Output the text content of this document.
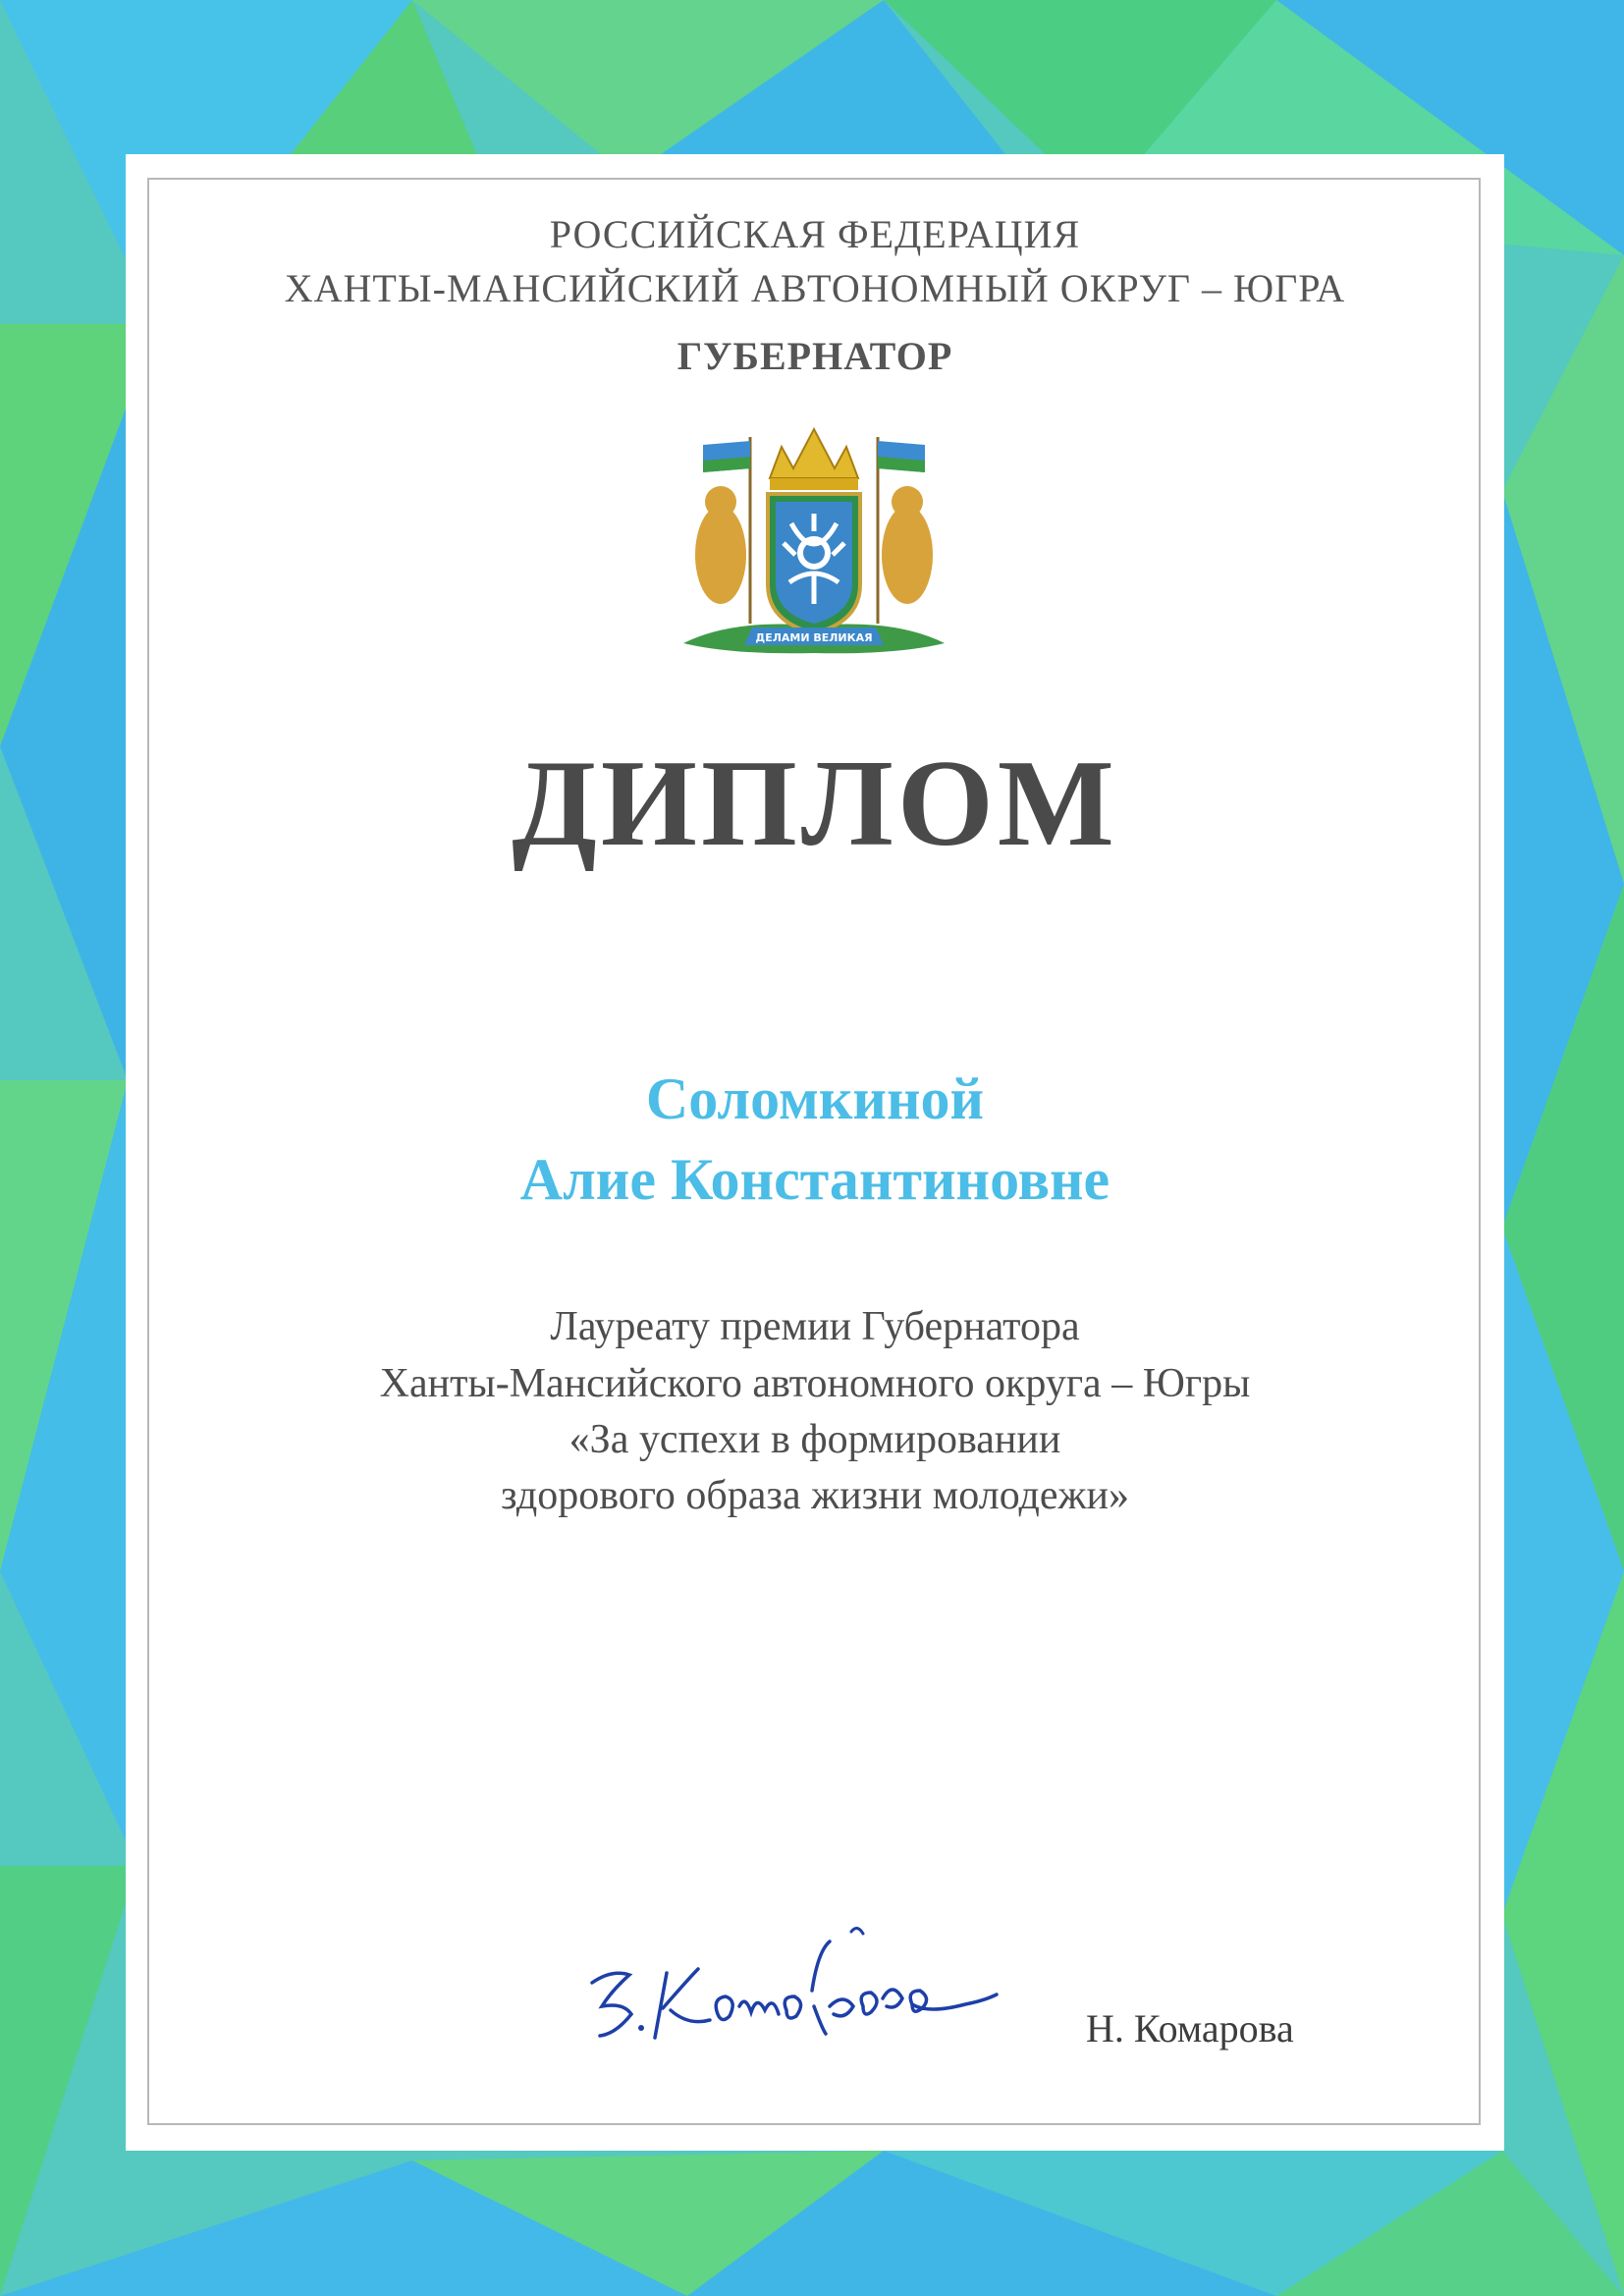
РОССИЙСКАЯ ФЕДЕРАЦИЯ
ХАНТЫ-МАНСИЙСКИЙ АВТОНОМНЫЙ ОКРУГ – ЮГРА
ГУБЕРНАТОР
ДЕЛАМИ ВЕЛИКАЯ
ДИПЛОМ
Соломкиной
Алие Константиновне
Лауреату премии Губернатора
Ханты-Мансийского автономного округа – Югры
«За успехи в формировании
здорового образа жизни молодежи»
Н. Комарова
